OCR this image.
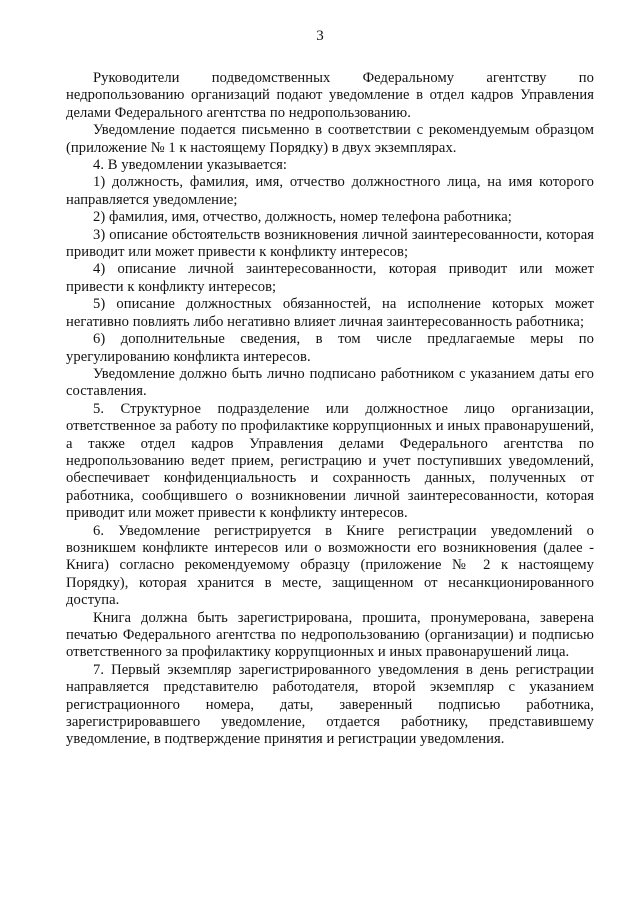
3

Руководители подведомственных Федеральному агентству по недропользованию организаций подают уведомление в отдел кадров Управления делами Федерального агентства по недропользованию.

Уведомление подается письменно в соответствии с рекомендуемым образцом (приложение № 1 к настоящему Порядку) в двух экземплярах.

4. В уведомлении указывается:

1) должность, фамилия, имя, отчество должностного лица, на имя которого направляется уведомление;

2) фамилия, имя, отчество, должность, номер телефона работника;

3) описание обстоятельств возникновения личной заинтересованности, которая приводит или может привести к конфликту интересов;

4) описание личной заинтересованности, которая приводит или может привести к конфликту интересов;

5) описание должностных обязанностей, на исполнение которых может негативно повлиять либо негативно влияет личная заинтересованность работника;

6) дополнительные сведения, в том числе предлагаемые меры по урегулированию конфликта интересов.

Уведомление должно быть лично подписано работником с указанием даты его составления.

5. Структурное подразделение или должностное лицо организации, ответственное за работу по профилактике коррупционных и иных правонарушений, а также отдел кадров Управления делами Федерального агентства по недропользованию ведет прием, регистрацию и учет поступивших уведомлений, обеспечивает конфиденциальность и сохранность данных, полученных от работника, сообщившего о возникновении личной заинтересованности, которая приводит или может привести к конфликту интересов.

6. Уведомление регистрируется в Книге регистрации уведомлений о возникшем конфликте интересов или о возможности его возникновения (далее - Книга) согласно рекомендуемому образцу (приложение № 2 к настоящему Порядку), которая хранится в месте, защищенном от несанкционированного доступа.

Книга должна быть зарегистрирована, прошита, пронумерована, заверена печатью Федерального агентства по недропользованию (организации) и подписью ответственного за профилактику коррупционных и иных правонарушений лица.

7. Первый экземпляр зарегистрированного уведомления в день регистрации направляется представителю работодателя, второй экземпляр с указанием регистрационного номера, даты, заверенный подписью работника, зарегистрировавшего уведомление, отдается работнику, представившему уведомление, в подтверждение принятия и регистрации уведомления.
